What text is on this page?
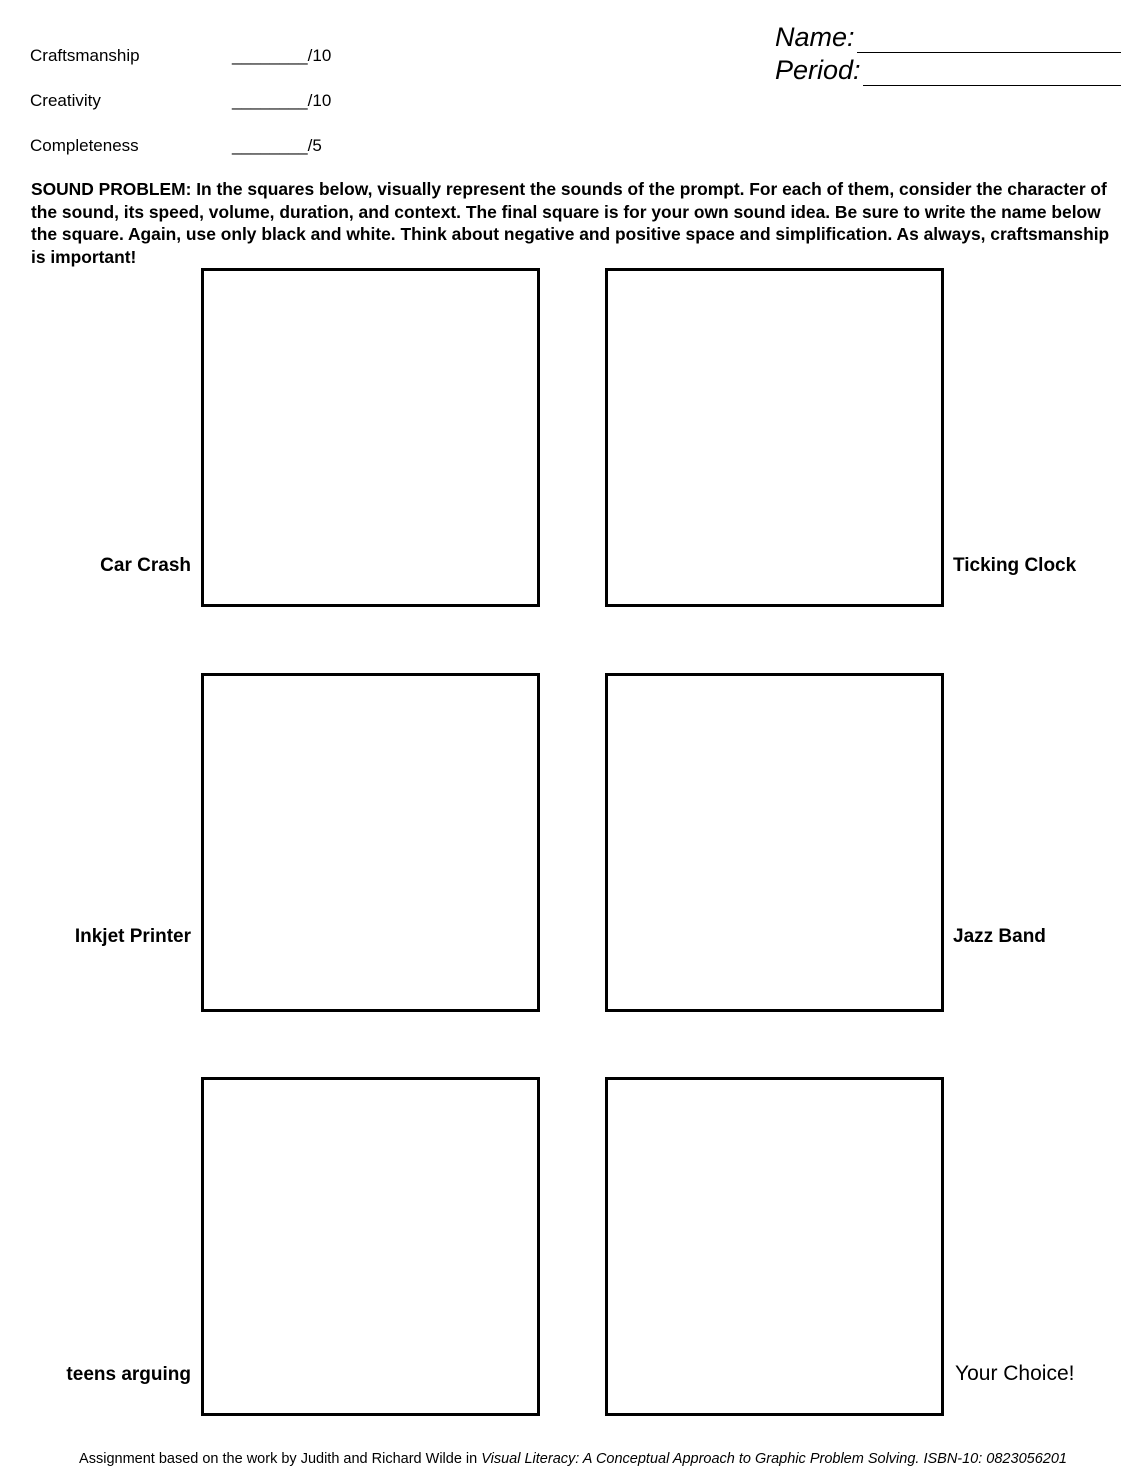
Craftsmanship	________/10
Creativity	________/10
Completeness	________/5
Name:
Period:
SOUND PROBLEM: In the squares below, visually represent the sounds of the prompt. For each of them, consider the character of the sound, its speed, volume, duration, and context. The final square is for your own sound idea. Be sure to write the name below the square. Again, use only black and white. Think about negative and positive space and simplification. As always, craftsmanship is important!
Car Crash	Ticking Clock
Inkjet Printer	Jazz Band
teens arguing	Your Choice!
Assignment based on the work by Judith and Richard Wilde in Visual Literacy: A Conceptual Approach to Graphic Problem Solving. ISBN-10: 0823056201
